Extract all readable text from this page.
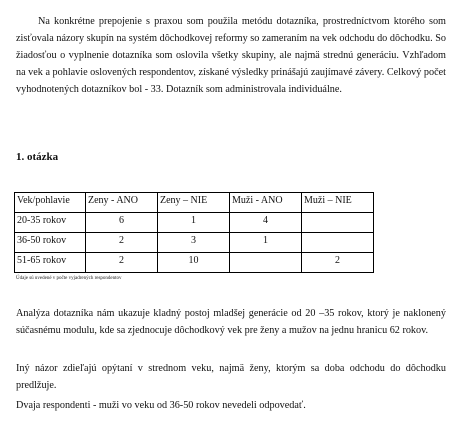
Na konkrétne prepojenie s praxou som použila metódu dotazníka, prostredníctvom ktorého som zisťovala názory skupín na systém dôchodkovej reformy so zameraním na vek odchodu do dôchodku. So žiadosťou o vyplnenie dotazníka som oslovila všetky skupiny, ale najmä strednú generáciu. Vzhľadom na vek a pohlavie oslovených respondentov, získané výsledky prinášajú zaujímavé závery. Celkový počet vyhodnotených dotazníkov bol - 33. Dotazník som administrovala individuálne.

1. otázka

Vek/pohlavie	Zeny - ANO	Zeny – NIE	Muži - ANO	Muži – NIE
20-35 rokov	6	1	4	
36-50 rokov	2	3	1	
51-65 rokov	2	10		2

Údaje sú uvedené v počte vyjadrených respondentov

Analýza dotazníka nám ukazuje kladný postoj mladšej generácie od 20 –35 rokov, ktorý je naklonený súčasnému modulu, kde sa zjednocuje dôchodkový vek pre ženy a mužov na jednu hranicu 62 rokov.

Iný názor zdieľajú opýtaní v strednom veku, najmä ženy, ktorým sa doba odchodu do dôchodku predlžuje.

Dvaja respondenti - muži vo veku od 36-50 rokov nevedeli odpovedať.
